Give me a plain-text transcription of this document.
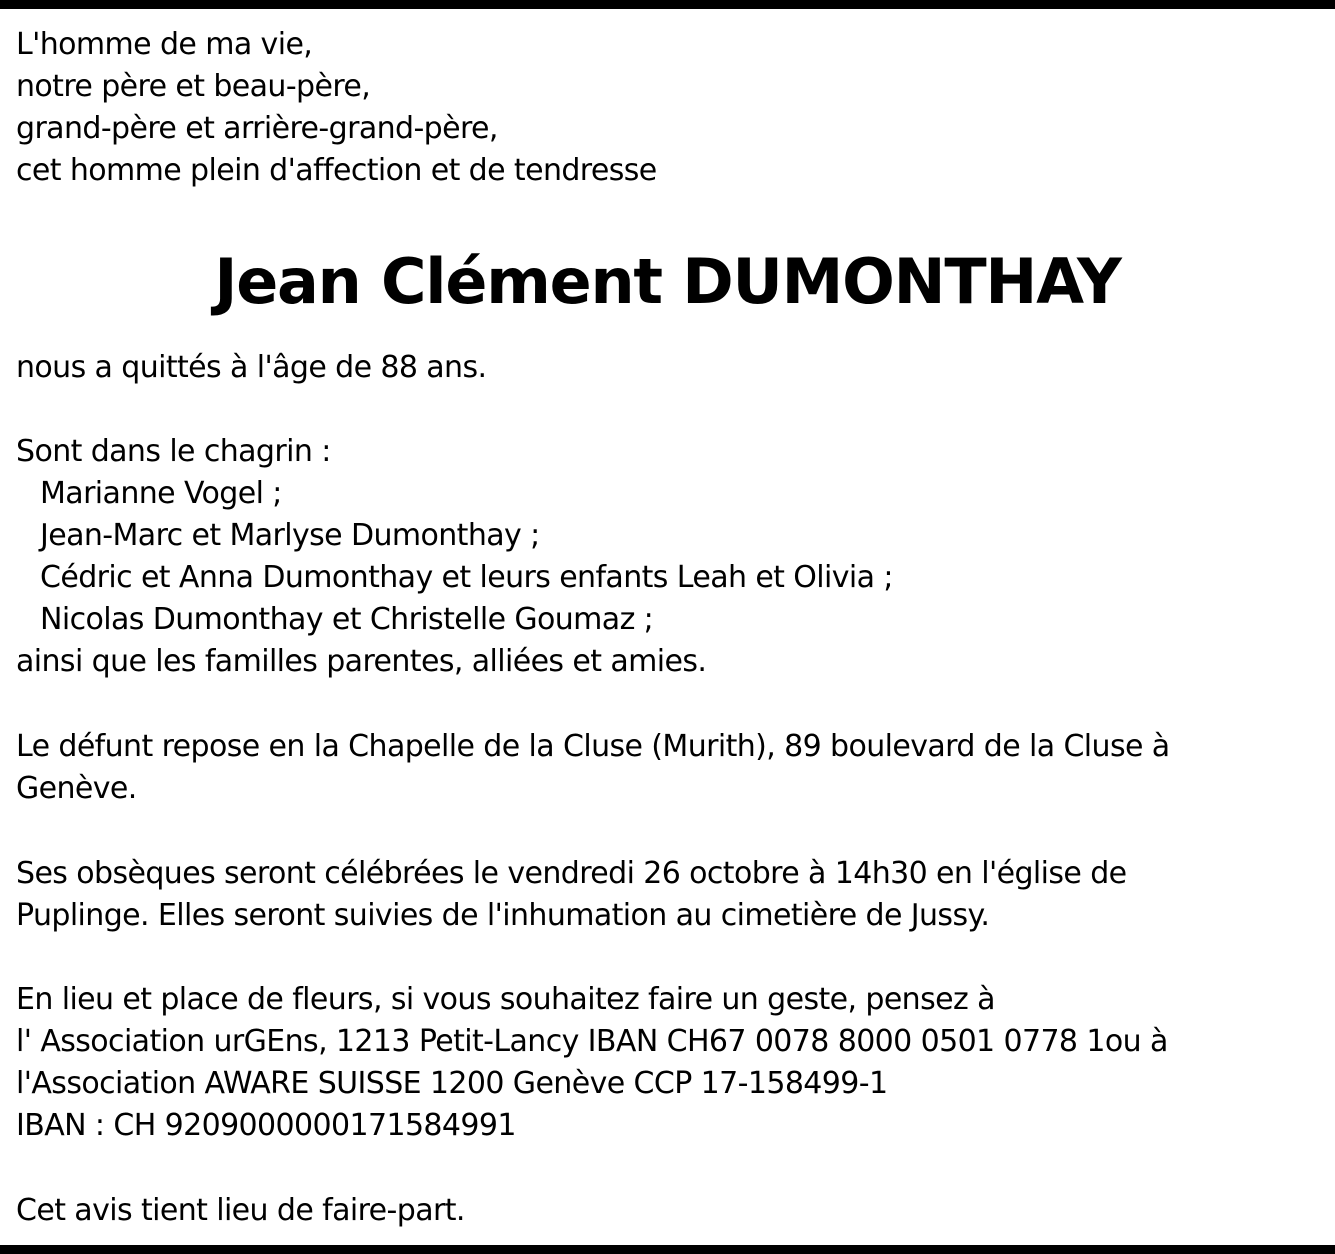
L'homme de ma vie,
notre père et beau-père,
grand-père et arrière-grand-père,
cet homme plein d'affection et de tendresse
Jean Clément DUMONTHAY
nous a quittés à l'âge de 88 ans.
Sont dans le chagrin :
Marianne Vogel ;
Jean-Marc et Marlyse Dumonthay ;
Cédric et Anna Dumonthay et leurs enfants Leah et Olivia ;
Nicolas Dumonthay et Christelle Goumaz ;
ainsi que les familles parentes, alliées et amies.
Le défunt repose en la Chapelle de la Cluse (Murith), 89 boulevard de la Cluse à
Genève.
Ses obsèques seront célébrées le vendredi 26 octobre à 14h30 en l'église de
Puplinge. Elles seront suivies de l'inhumation au cimetière de Jussy.
En lieu et place de fleurs, si vous souhaitez faire un geste, pensez à
l' Association urGEns, 1213 Petit-Lancy IBAN CH67 0078 8000 0501 0778 1ou à
l'Association AWARE SUISSE 1200 Genève CCP 17-158499-1
IBAN : CH 9209000000171584991
Cet avis tient lieu de faire-part.
